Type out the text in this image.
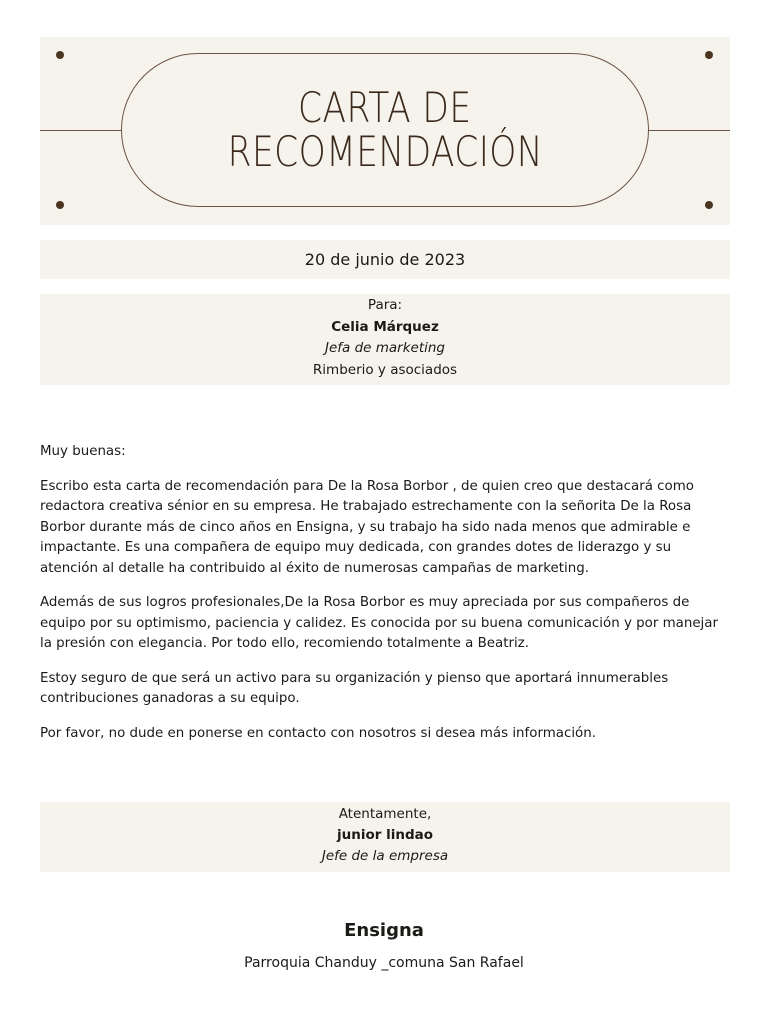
CARTA DE
RECOMENDACIÓN
20 de junio de 2023
Para:
Celia Márquez
Jefa de marketing
Rimberio y asociados

Muy buenas:

Escribo esta carta de recomendación para De la Rosa Borbor , de quien creo que destacará como redactora creativa sénior en su empresa. He trabajado estrechamente con la señorita De la Rosa Borbor durante más de cinco años en Ensigna, y su trabajo ha sido nada menos que admirable e impactante. Es una compañera de equipo muy dedicada, con grandes dotes de liderazgo y su atención al detalle ha contribuido al éxito de numerosas campañas de marketing.

Además de sus logros profesionales,De la Rosa Borbor es muy apreciada por sus compañeros de equipo por su optimismo, paciencia y calidez. Es conocida por su buena comunicación y por manejar la presión con elegancia. Por todo ello, recomiendo totalmente a Beatriz.

Estoy seguro de que será un activo para su organización y pienso que aportará innumerables contribuciones ganadoras a su equipo.

Por favor, no dude en ponerse en contacto con nosotros si desea más información.

Atentamente,
junior lindao
Jefe de la empresa
Ensigna
Parroquia Chanduy _comuna San Rafael
